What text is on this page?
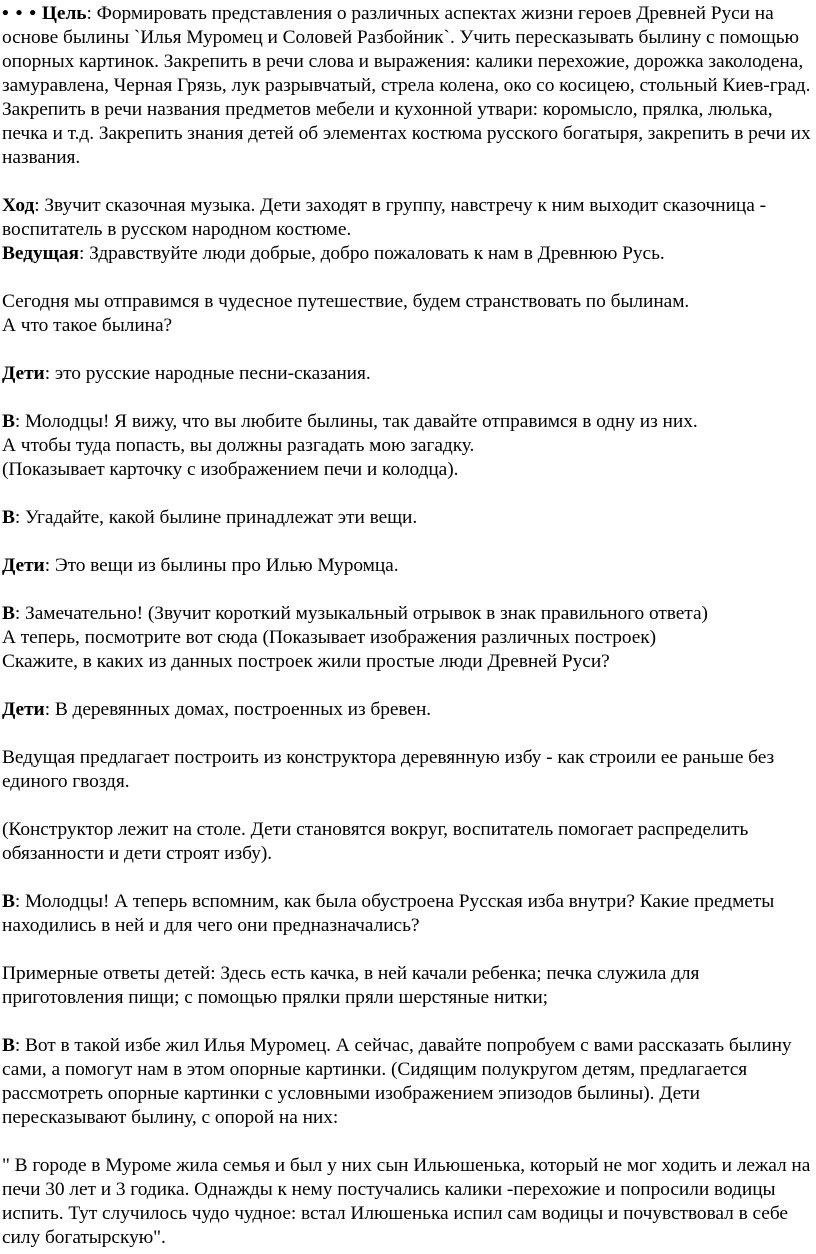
• • • Цель: Формировать представления о различных аспектах жизни героев Древней Руси на основе былины `Илья Муромец и Соловей Разбойник`. Учить пересказывать былину с помощью опорных картинок. Закрепить в речи слова и выражения: калики перехожие, дорожка заколодена, замуравлена, Черная Грязь, лук разрывчатый, стрела колена, око со косицею, стольный Киев-град. Закрепить в речи названия предметов мебели и кухонной утвари: коромысло, прялка, люлька, печка и т.д. Закрепить знания детей об элементах костюма русского богатыря, закрепить в речи их названия.

Ход: Звучит сказочная музыка. Дети заходят в группу, навстречу к ним выходит сказочница - воспитатель в русском народном костюме.

Ведущая: Здравствуйте люди добрые, добро пожаловать к нам в Древнюю Русь.

Сегодня мы отправимся в чудесное путешествие, будем странствовать по былинам.
А что такое былина?

Дети: это русские народные песни-сказания.

В: Молодцы! Я вижу, что вы любите былины, так давайте отправимся в одну из них.
А чтобы туда попасть, вы должны разгадать мою загадку.
(Показывает карточку с изображением печи и колодца).

В: Угадайте, какой былине принадлежат эти вещи.

Дети: Это вещи из былины про Илью Муромца.

В: Замечательно! (Звучит короткий музыкальный отрывок в знак правильного ответа)
А теперь, посмотрите вот сюда (Показывает изображения различных построек)
Скажите, в каких из данных построек жили простые люди Древней Руси?

Дети: В деревянных домах, построенных из бревен.

Ведущая предлагает построить из конструктора деревянную избу - как строили ее раньше без единого гвоздя.

(Конструктор лежит на столе. Дети становятся вокруг, воспитатель помогает распределить обязанности и дети строят избу).

В: Молодцы! А теперь вспомним, как была обустроена Русская изба внутри? Какие предметы находились в ней и для чего они предназначались?

Примерные ответы детей: Здесь есть качка, в ней качали ребенка; печка служила для приготовления пищи; с помощью прялки пряли шерстяные нитки;

В: Вот в такой избе жил Илья Муромец. А сейчас, давайте попробуем с вами рассказать былину сами, а помогут нам в этом опорные картинки. (Сидящим полукругом детям, предлагается рассмотреть опорные картинки с условными изображением эпизодов былины). Дети пересказывают былину, с опорой на них:

" В городе в Муроме жила семья и был у них сын Ильюшенька, который не мог ходить и лежал на печи 30 лет и 3 годика. Однажды к нему постучались калики -перехожие и попросили водицы испить. Тут случилось чудо чудное: встал Илюшенька испил сам водицы и почувствовал в себе силу богатырскую".
